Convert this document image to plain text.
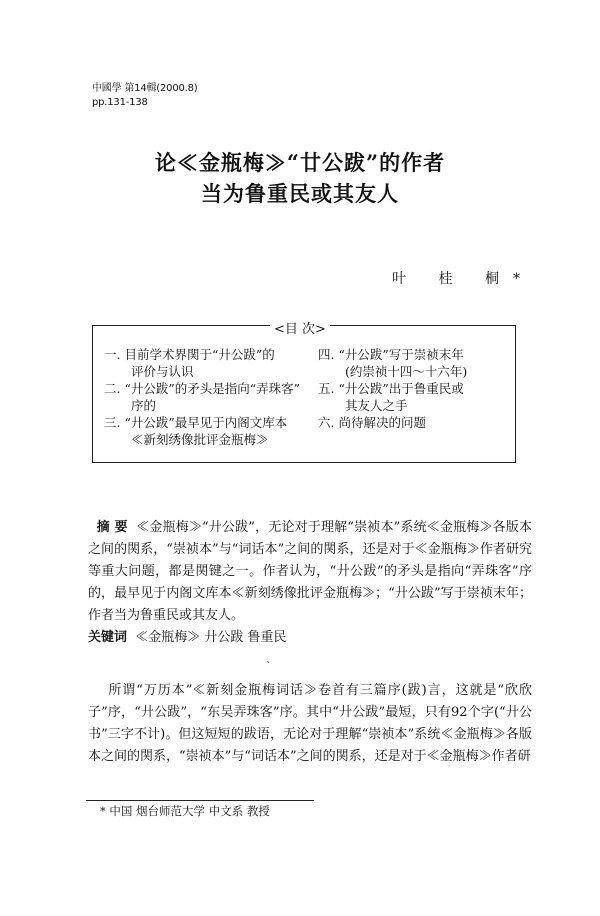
中國學 第14輯(2000.8)
pp.131-138
论≪金瓶梅≫“廿公跋”的作者
当为鲁重民或其友人
叶 桂 桐*
<目 次>
一. 目前学术界関于“廾公跋”的
评价与认识
二. “廾公跋”的矛头是指向“弄珠客”
序的
三. “廾公跋”最早见于内阁文库本
≪新刻绣像批评金瓶梅≫
四. “廾公跋”写于崇祯末年
(约崇祯十四～十六年)
五. “廾公跋”出于鲁重民或
其友人之手
六. 尚待解决的问题

摘 要 ≪金瓶梅≫“廾公跋”，无论对于理解“崇祯本”系统≪金瓶梅≫各版本之间的関系，“崇祯本”与“词话本”之间的関系，还是对于≪金瓶梅≫作者研究等重大问题，都是関键之一。作者认为，“廾公跋”的矛头是指向“弄珠客”序的，最早见于内阁文库本≪新刻绣像批评金瓶梅≫；“廾公跋”写于崇祯末年；作者当为鲁重民或其友人。

关键词 ≪金瓶梅≫ 廾公跋 鲁重民

`

所谓“万历本”≪新刻金瓶梅词话≫卷首有三篇序(跋)言，这就是“欣欣子”序，“廾公跋”，“东吴弄珠客”序。其中“廾公跋”最短，只有92个字(“廾公书”三字不计)。但这短短的跋语，无论对于理解“崇祯本”系统≪金瓶梅≫各版本之间的関系，“崇祯本”与“词话本”之间的関系，还是对于≪金瓶梅≫作者研

* 中国 烟台师范大学 中文系 教授
